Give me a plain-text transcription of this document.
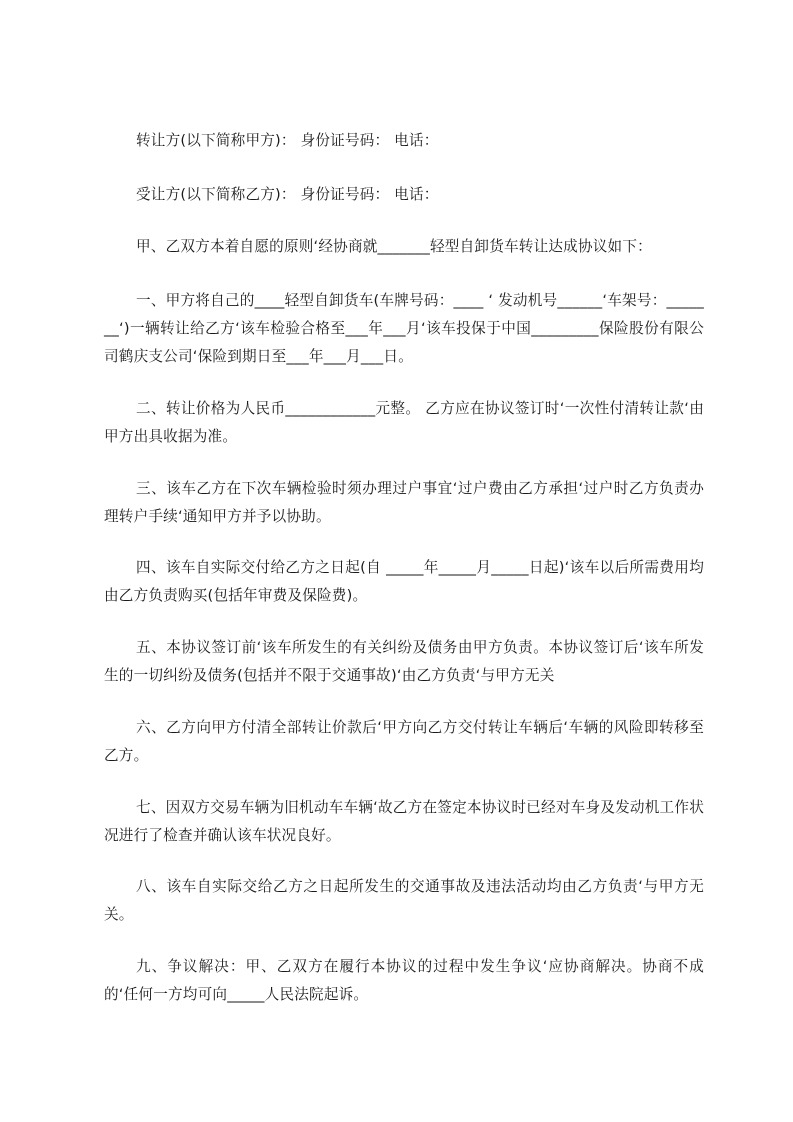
转让方(以下简称甲方)： 身份证号码： 电话：

受让方(以下简称乙方)： 身份证号码： 电话：

甲、乙双方本着自愿的原则‘经协商就_______轻型自卸货车转让达成协议如下：

一、甲方将自己的____轻型自卸货车(车牌号码：____ ‘ 发动机号______‘车架号：_______‘)一辆转让给乙方‘该车检验合格至___年___月‘该车投保于中国_________保险股份有限公司鹤庆支公司‘保险到期日至___年___月___日。

二、转让价格为人民币____________元整。 乙方应在协议签订时‘一次性付清转让款‘由甲方出具收据为准。

三、该车乙方在下次车辆检验时须办理过户事宜‘过户费由乙方承担‘过户时乙方负责办理转户手续‘通知甲方并予以协助。

四、该车自实际交付给乙方之日起(自 _____年_____月_____日起)‘该车以后所需费用均由乙方负责购买(包括年审费及保险费)。

五、本协议签订前‘该车所发生的有关纠纷及债务由甲方负责。本协议签订后‘该车所发生的一切纠纷及债务(包括并不限于交通事故)‘由乙方负责‘与甲方无关

六、乙方向甲方付清全部转让价款后‘甲方向乙方交付转让车辆后‘车辆的风险即转移至乙方。

七、因双方交易车辆为旧机动车车辆‘故乙方在签定本协议时已经对车身及发动机工作状况进行了检查并确认该车状况良好。

八、该车自实际交给乙方之日起所发生的交通事故及违法活动均由乙方负责‘与甲方无关。

九、争议解决：甲、乙双方在履行本协议的过程中发生争议‘应协商解决。协商不成的‘任何一方均可向_____人民法院起诉。
